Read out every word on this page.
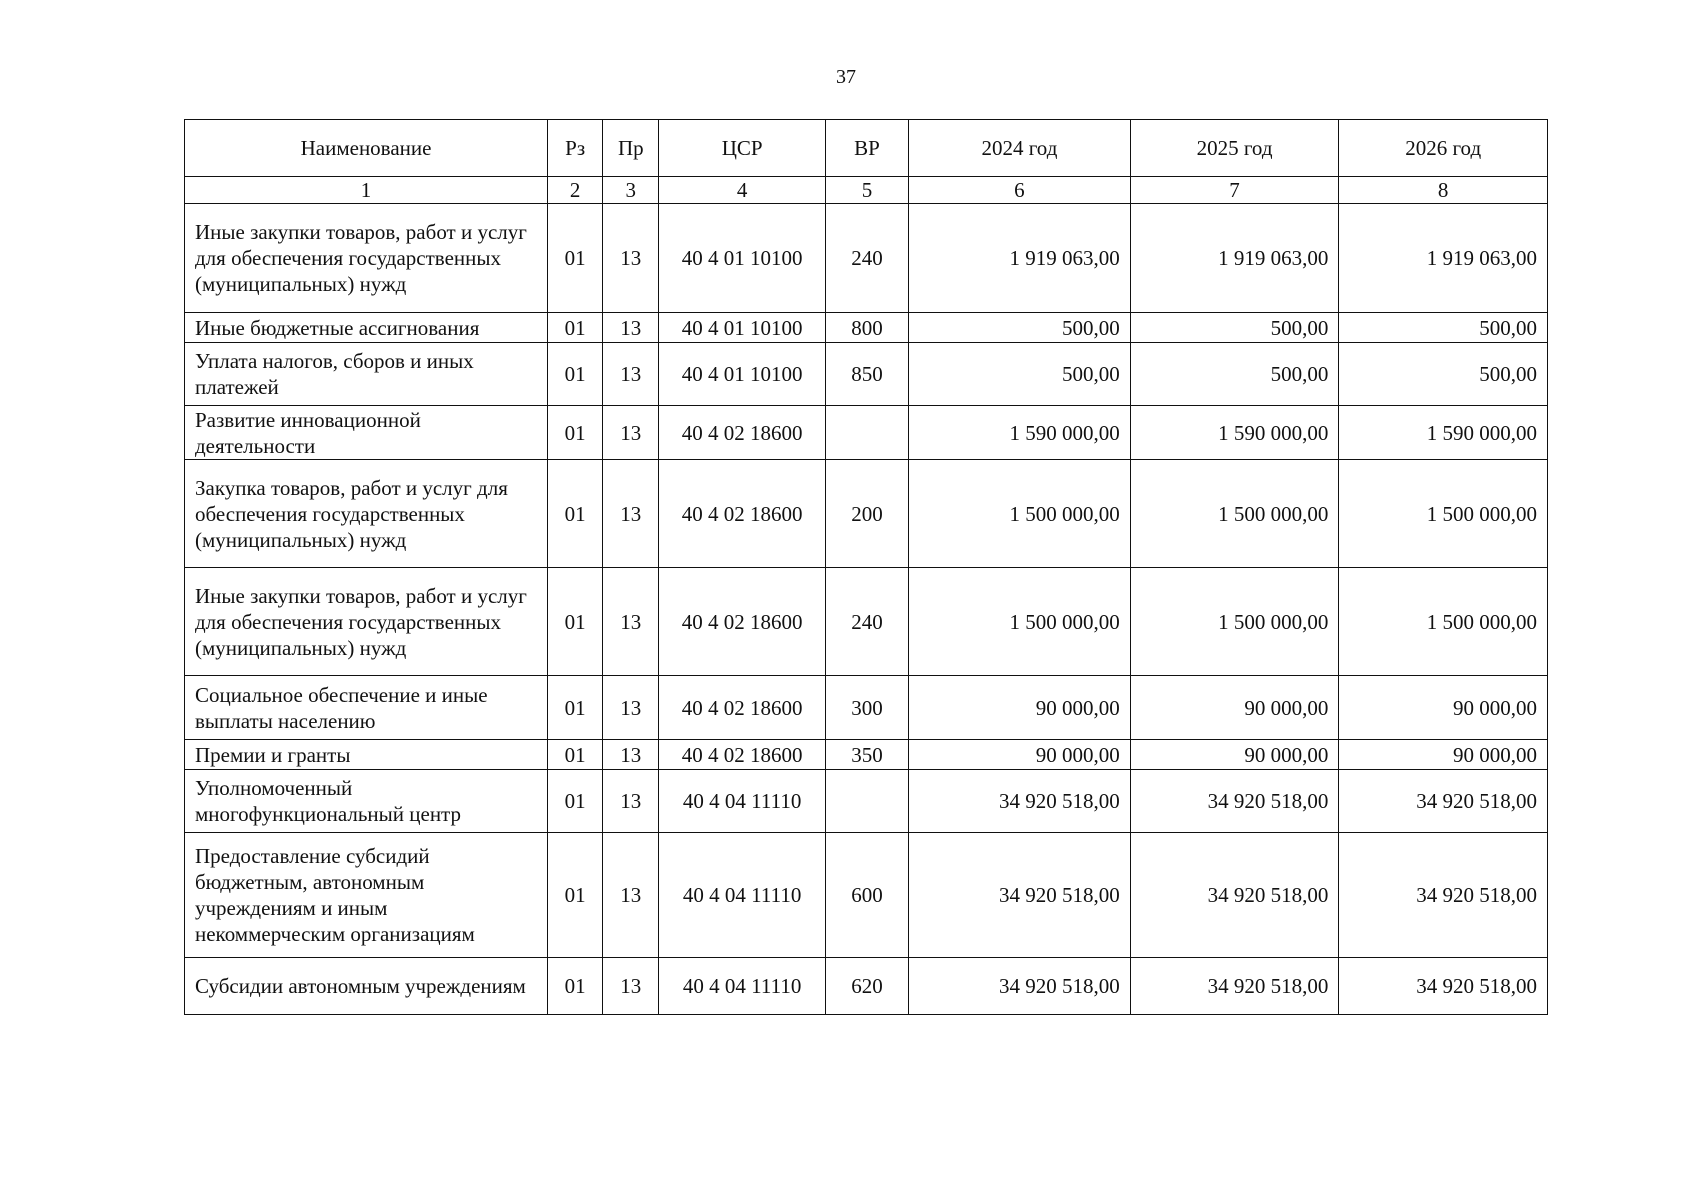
37
Наименование	Рз	Пр	ЦСР	ВР	2024 год	2025 год	2026 год
1	2	3	4	5	6	7	8
Иные закупки товаров, работ и услуг для обеспечения государственных (муниципальных) нужд	01	13	40 4 01 10100	240	1 919 063,00	1 919 063,00	1 919 063,00
Иные бюджетные ассигнования	01	13	40 4 01 10100	800	500,00	500,00	500,00
Уплата налогов, сборов и иных платежей	01	13	40 4 01 10100	850	500,00	500,00	500,00
Развитие инновационной деятельности	01	13	40 4 02 18600		1 590 000,00	1 590 000,00	1 590 000,00
Закупка товаров, работ и услуг для обеспечения государственных (муниципальных) нужд	01	13	40 4 02 18600	200	1 500 000,00	1 500 000,00	1 500 000,00
Иные закупки товаров, работ и услуг для обеспечения государственных (муниципальных) нужд	01	13	40 4 02 18600	240	1 500 000,00	1 500 000,00	1 500 000,00
Социальное обеспечение и иные выплаты населению	01	13	40 4 02 18600	300	90 000,00	90 000,00	90 000,00
Премии и гранты	01	13	40 4 02 18600	350	90 000,00	90 000,00	90 000,00
Уполномоченный многофункциональный центр	01	13	40 4 04 11110		34 920 518,00	34 920 518,00	34 920 518,00
Предоставление субсидий бюджетным, автономным учреждениям и иным некоммерческим организациям	01	13	40 4 04 11110	600	34 920 518,00	34 920 518,00	34 920 518,00
Субсидии автономным учреждениям	01	13	40 4 04 11110	620	34 920 518,00	34 920 518,00	34 920 518,00
